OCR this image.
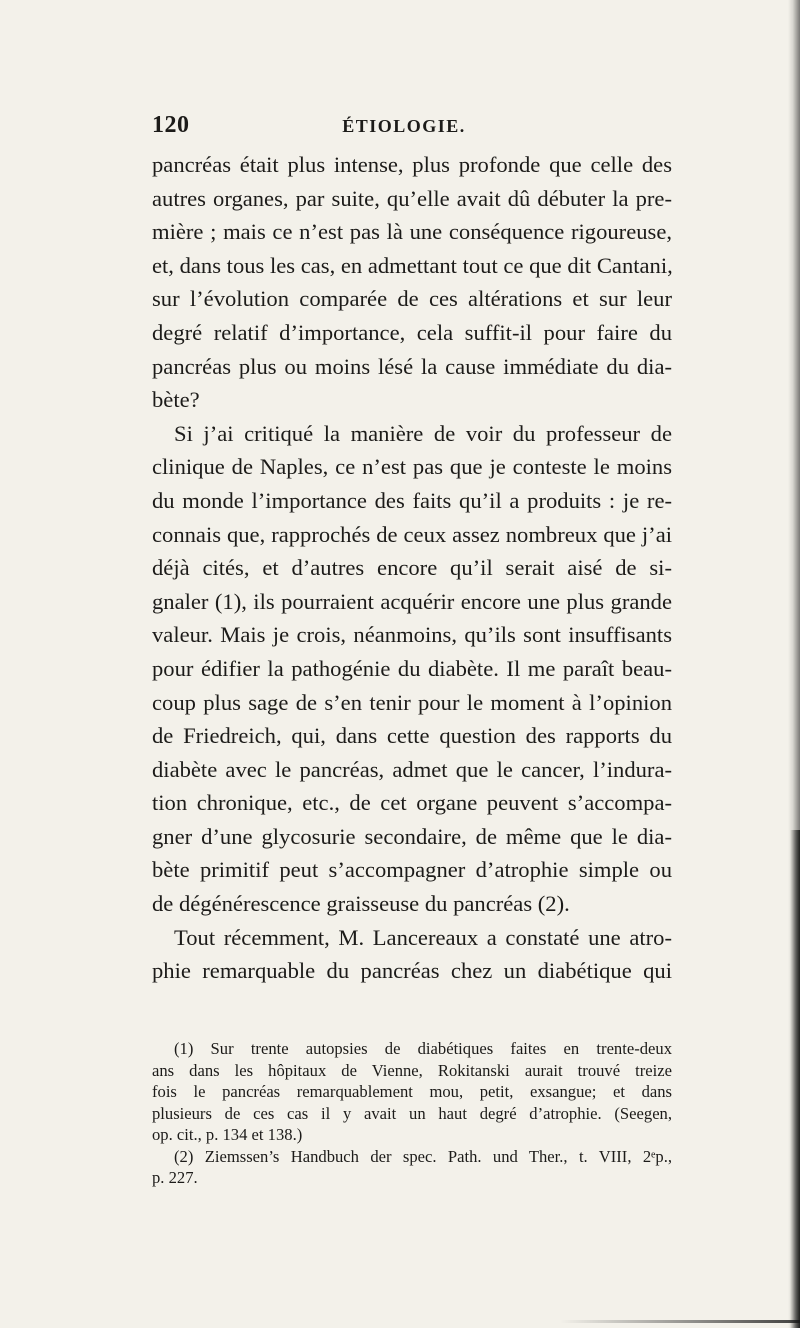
120	ÉTIOLOGIE.
pancréas était plus intense, plus profonde que celle des
autres organes, par suite, qu’elle avait dû débuter la pre-
mière ; mais ce n’est pas là une conséquence rigoureuse,
et, dans tous les cas, en admettant tout ce que dit Cantani,
sur l’évolution comparée de ces altérations et sur leur
degré relatif d’importance, cela suffit-il pour faire du
pancréas plus ou moins lésé la cause immédiate du dia-
bète?
Si j’ai critiqué la manière de voir du professeur de
clinique de Naples, ce n’est pas que je conteste le moins
du monde l’importance des faits qu’il a produits : je re-
connais que, rapprochés de ceux assez nombreux que j’ai
déjà cités, et d’autres encore qu’il serait aisé de si-
gnaler (1), ils pourraient acquérir encore une plus grande
valeur. Mais je crois, néanmoins, qu’ils sont insuffisants
pour édifier la pathogénie du diabète. Il me paraît beau-
coup plus sage de s’en tenir pour le moment à l’opinion
de Friedreich, qui, dans cette question des rapports du
diabète avec le pancréas, admet que le cancer, l’indura-
tion chronique, etc., de cet organe peuvent s’accompa-
gner d’une glycosurie secondaire, de même que le dia-
bète primitif peut s’accompagner d’atrophie simple ou
de dégénérescence graisseuse du pancréas (2).
Tout récemment, M. Lancereaux a constaté une atro-
phie remarquable du pancréas chez un diabétique qui
(1) Sur trente autopsies de diabétiques faites en trente-deux
ans dans les hôpitaux de Vienne, Rokitanski aurait trouvé treize
fois le pancréas remarquablement mou, petit, exsangue; et dans
plusieurs de ces cas il y avait un haut degré d’atrophie. (Seegen,
op. cit., p. 134 et 138.)
(2) Ziemssen’s Handbuch der spec. Path. und Ther., t. VIII, 2ᵉp.,
p. 227.
